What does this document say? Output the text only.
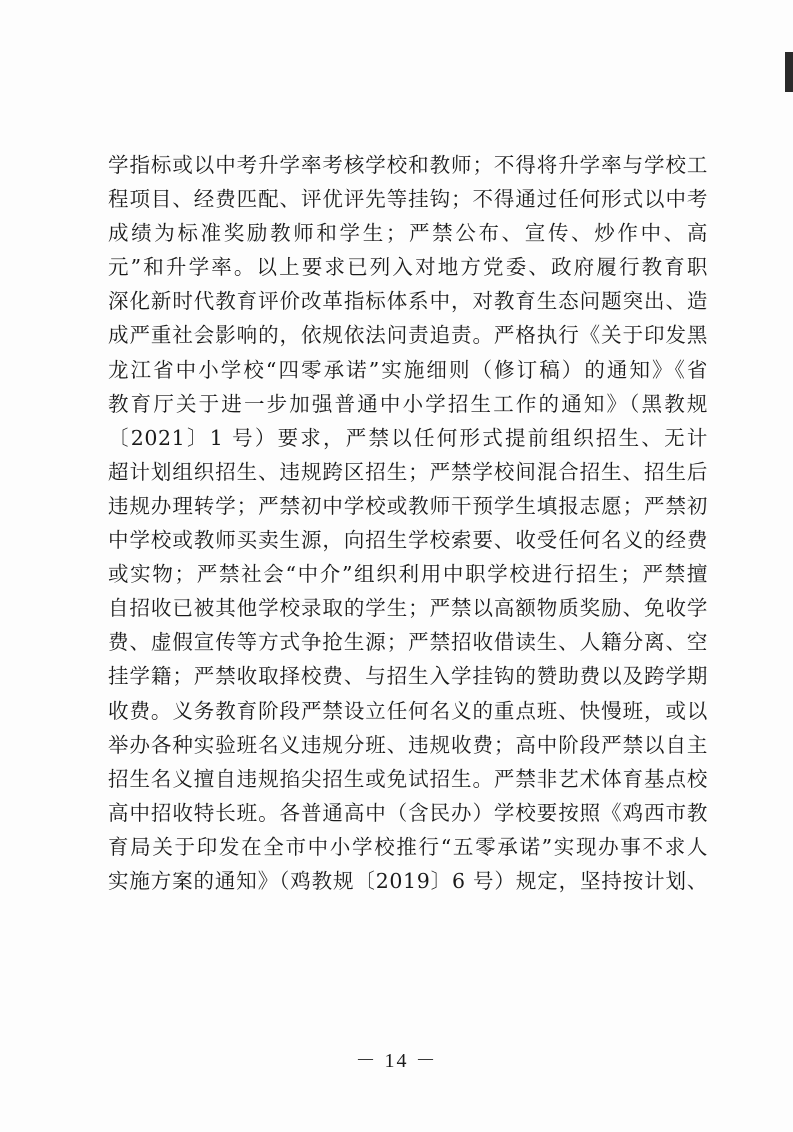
学指标或以中考升学率考核学校和教师；不得将升学率与学校工
程项目、经费匹配、评优评先等挂钩；不得通过任何形式以中考
成绩为标准奖励教师和学生；严禁公布、宣传、炒作中、高
元”和升学率。以上要求已列入对地方党委、政府履行教育职
深化新时代教育评价改革指标体系中，对教育生态问题突出、造
成严重社会影响的，依规依法问责追责。严格执行《关于印发黑
龙江省中小学校“四零承诺”实施细则（修订稿）的通知》《省
教育厅关于进一步加强普通中小学招生工作的通知》（黑教规
〔2021〕1 号）要求，严禁以任何形式提前组织招生、无计
超计划组织招生、违规跨区招生；严禁学校间混合招生、招生后
违规办理转学；严禁初中学校或教师干预学生填报志愿；严禁初
中学校或教师买卖生源，向招生学校索要、收受任何名义的经费
或实物；严禁社会“中介”组织利用中职学校进行招生；严禁擅
自招收已被其他学校录取的学生；严禁以高额物质奖励、免收学
费、虚假宣传等方式争抢生源；严禁招收借读生、人籍分离、空
挂学籍；严禁收取择校费、与招生入学挂钩的赞助费以及跨学期
收费。义务教育阶段严禁设立任何名义的重点班、快慢班，或以
举办各种实验班名义违规分班、违规收费；高中阶段严禁以自主
招生名义擅自违规掐尖招生或免试招生。严禁非艺术体育基点校
高中招收特长班。各普通高中（含民办）学校要按照《鸡西市教
育局关于印发在全市中小学校推行“五零承诺”实现办事不求人
实施方案的通知》（鸡教规〔2019〕6 号）规定，坚持按计划、
－ 14 －
